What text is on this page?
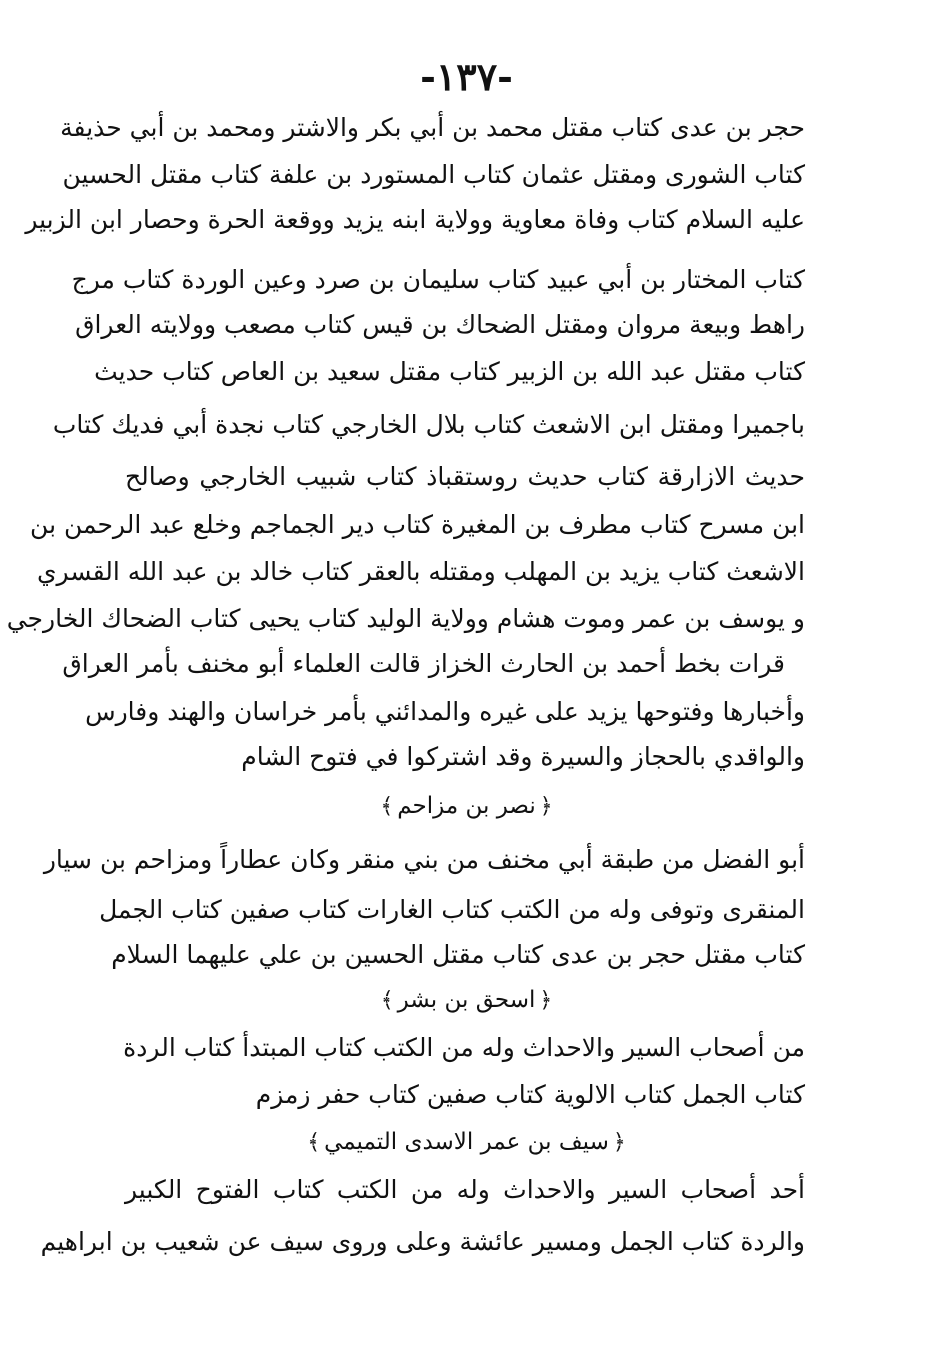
-١٣٧-
حجر بن عدى كتاب مقتل محمد بن أبي بكر والاشتر ومحمد بن أبي حذيفة
كتاب الشورى ومقتل عثمان كتاب المستورد بن علفة كتاب مقتل الحسين
عليه السلام كتاب وفاة معاوية وولاية ابنه يزيد ووقعة الحرة وحصار ابن الزبير
كتاب المختار بن أبي عبيد كتاب سليمان بن صرد وعين الوردة كتاب مرج
راهط وبيعة مروان ومقتل الضحاك بن قيس كتاب مصعب وولايته العراق
كتاب مقتل عبد الله بن الزبير كتاب مقتل سعيد بن العاص كتاب حديث
باجميرا ومقتل ابن الاشعث كتاب بلال الخارجي كتاب نجدة أبي فديك كتاب
حديث الازارقة كتاب حديث روستقباذ كتاب شبيب الخارجي وصالح
ابن مسرح كتاب مطرف بن المغيرة كتاب دير الجماجم وخلع عبد الرحمن بن
الاشعث كتاب يزيد بن المهلب ومقتله بالعقر كتاب خالد بن عبد الله القسري
و يوسف بن عمر وموت هشام وولاية الوليد كتاب يحيى كتاب الضحاك الخارجي
قرات بخط أحمد بن الحارث الخزاز قالت العلماء أبو مخنف بأمر العراق
وأخبارها وفتوحها يزيد على غيره والمدائني بأمر خراسان والهند وفارس
والواقدي بالحجاز والسيرة وقد اشتركوا في فتوح الشام
﴿نصر بن مزاحم﴾
أبو الفضل من طبقة أبي مخنف من بني منقر وكان عطاراً ومزاحم بن سيار
المنقرى وتوفى وله من الكتب كتاب الغارات كتاب صفين كتاب الجمل
كتاب مقتل حجر بن عدى كتاب مقتل الحسين بن علي عليهما السلام
﴿اسحق بن بشر﴾
من أصحاب السير والاحداث وله من الكتب كتاب المبتدأ كتاب الردة
كتاب الجمل كتاب الالوية كتاب صفين كتاب حفر زمزم
﴿سيف بن عمر الاسدى التميمي﴾
أحد أصحاب السير والاحداث وله من الكتب كتاب الفتوح الكبير
والردة كتاب الجمل ومسير عائشة وعلى وروى سيف عن شعيب بن ابراهيم
